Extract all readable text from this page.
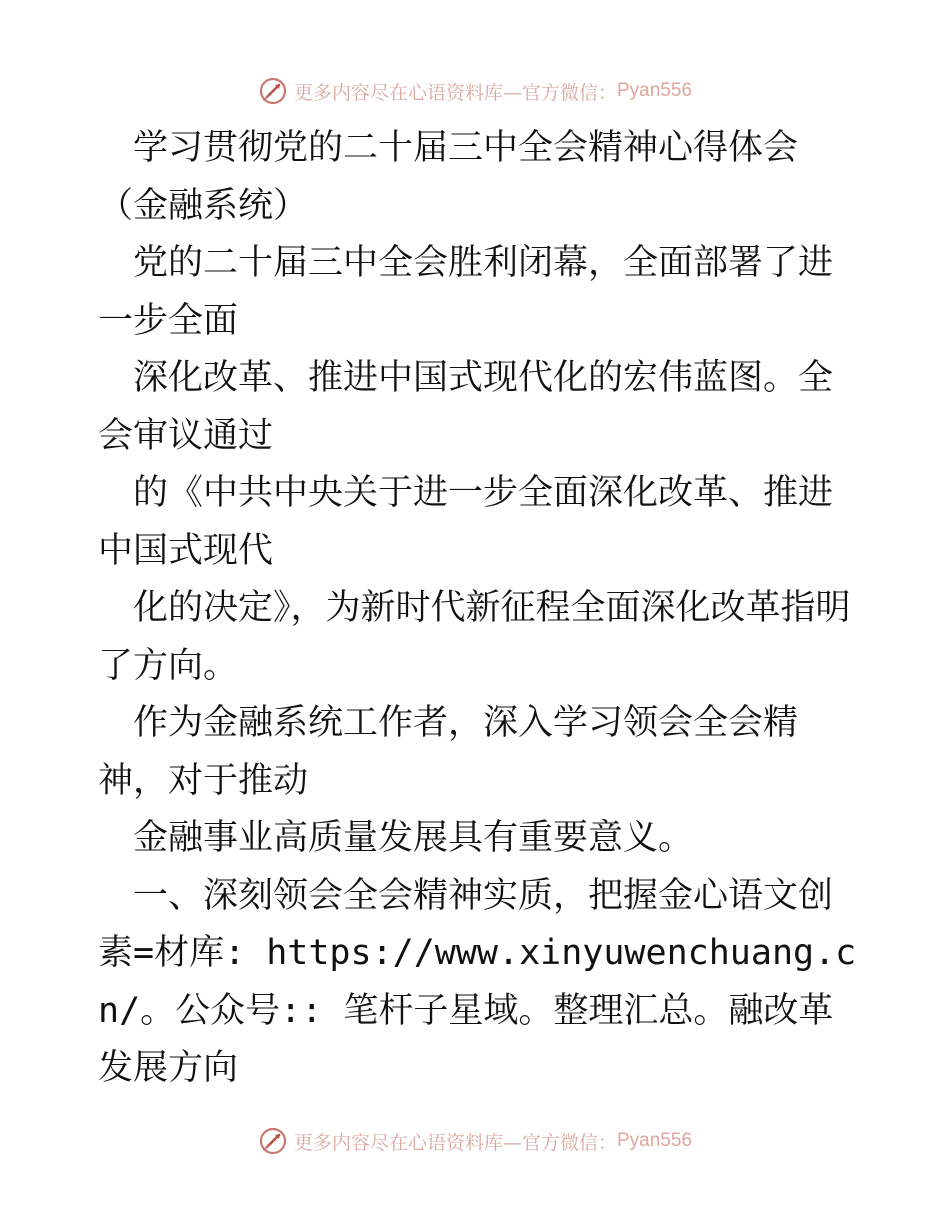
更多内容尽在心语资料库—官方微信： Pyan556

学习贯彻党的二十届三中全会精神心得体会（金融系统）

党的二十届三中全会胜利闭幕，全面部署了进一步全面

深化改革、推进中国式现代化的宏伟蓝图。全会审议通过

的《中共中央关于进一步全面深化改革、推进中国式现代

化的决定》，为新时代新征程全面深化改革指明了方向。

作为金融系统工作者，深入学习领会全会精神，对于推动

金融事业高质量发展具有重要意义。

一、深刻领会全会精神实质，把握金心语文创素=材库: https://www.xinyuwenchuang.cn/。公众号:: 笔杆子星域。整理汇总。融改革发展方向

更多内容尽在心语资料库—官方微信： Pyan556
